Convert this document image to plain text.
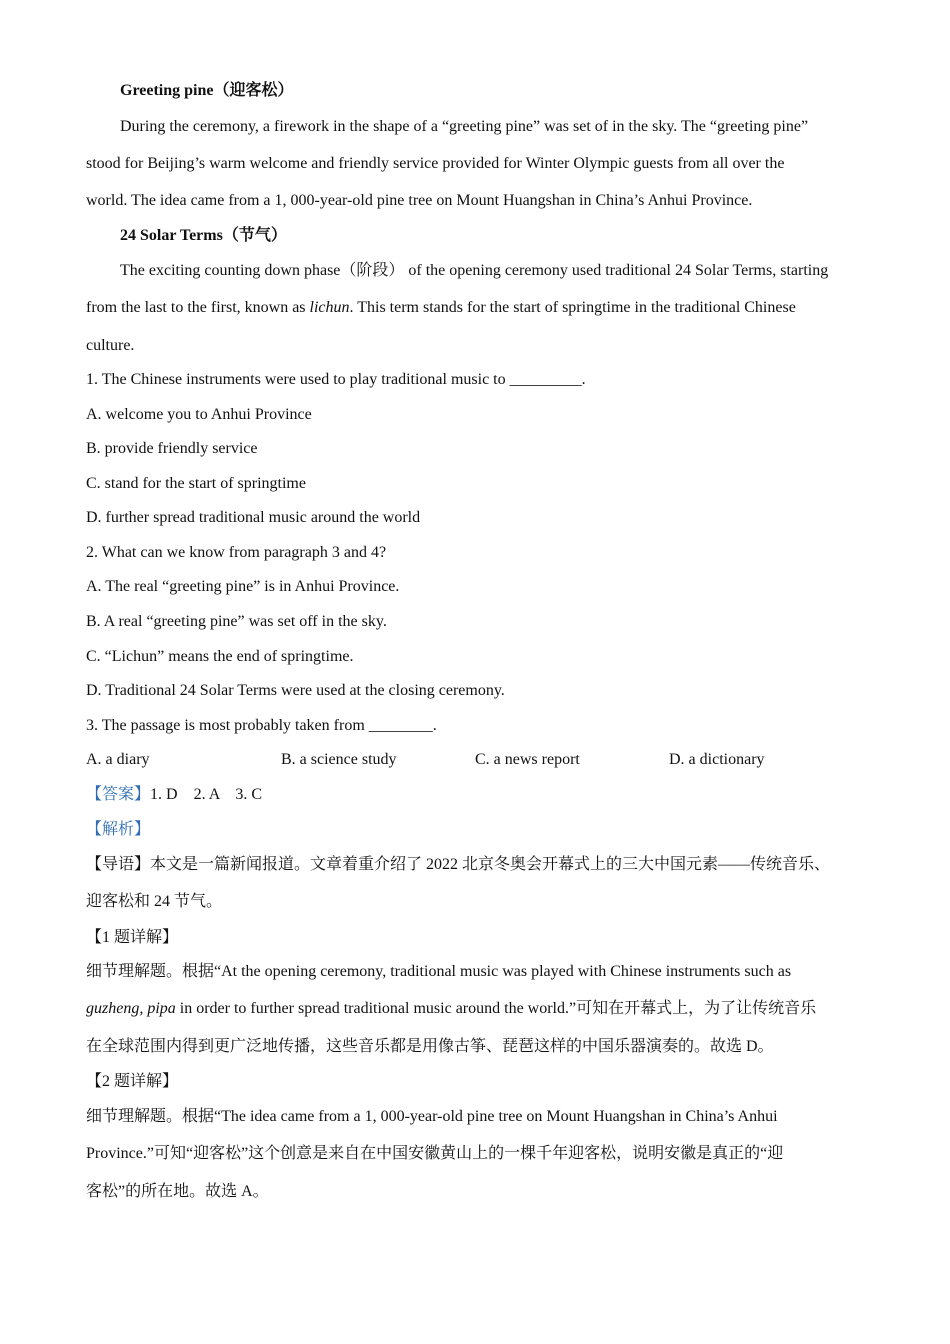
Greeting pine（迎客松）
During the ceremony, a firework in the shape of a “greeting pine” was set of in the sky. The “greeting pine”
stood for Beijing’s warm welcome and friendly service provided for Winter Olympic guests from all over the
world. The idea came from a 1, 000-year-old pine tree on Mount Huangshan in China’s Anhui Province.
24 Solar Terms（节气）
The exciting counting down phase（阶段） of the opening ceremony used traditional 24 Solar Terms, starting
from the last to the first, known as lichun. This term stands for the start of springtime in the traditional Chinese
culture.
1. The Chinese instruments were used to play traditional music to _________.
A. welcome you to Anhui Province
B. provide friendly service
C. stand for the start of springtime
D. further spread traditional music around the world
2. What can we know from paragraph 3 and 4?
A. The real “greeting pine” is in Anhui Province.
B. A real “greeting pine” was set off in the sky.
C. “Lichun” means the end of springtime.
D. Traditional 24 Solar Terms were used at the closing ceremony.
3. The passage is most probably taken from ________.
A. a diary	B. a science study	C. a news report	D. a dictionary
【答案】1. D    2. A    3. C
【解析】
【导语】本文是一篇新闻报道。文章着重介绍了 2022 北京冬奥会开幕式上的三大中国元素——传统音乐、
迎客松和 24 节气。
【1 题详解】
细节理解题。根据“At the opening ceremony, traditional music was played with Chinese instruments such as
guzheng, pipa in order to further spread traditional music around the world.”可知在开幕式上，为了让传统音乐
在全球范围内得到更广泛地传播，这些音乐都是用像古筝、琵琶这样的中国乐器演奏的。故选 D。
【2 题详解】
细节理解题。根据“The idea came from a 1, 000-year-old pine tree on Mount Huangshan in China’s Anhui
Province.”可知“迎客松”这个创意是来自在中国安徽黄山上的一棵千年迎客松，说明安徽是真正的“迎
客松”的所在地。故选 A。
